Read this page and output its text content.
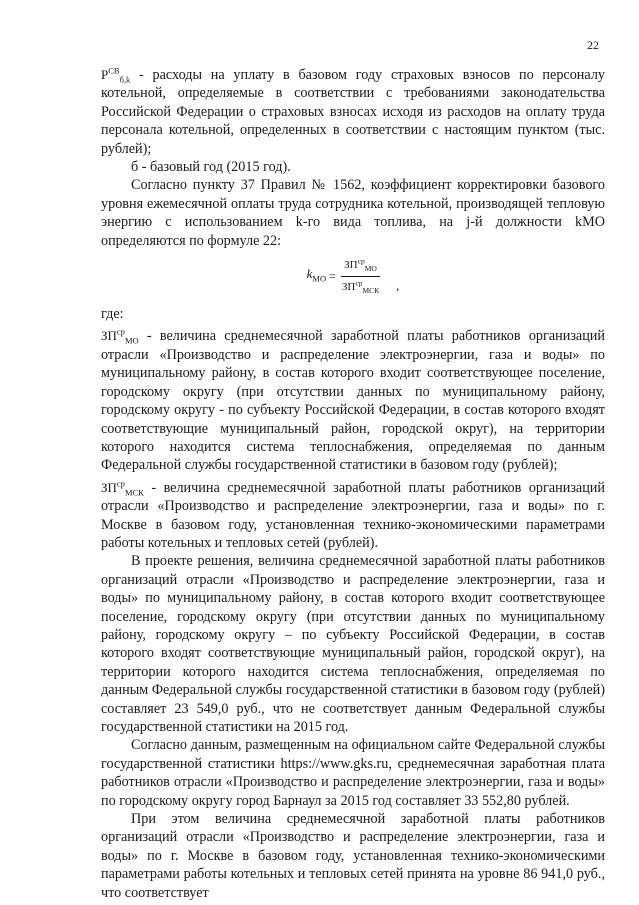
22

$P^{СВ}_{б,k}$ - расходы на уплату в базовом году страховых взносов по персоналу котельной, определяемые в соответствии с требованиями законодательства Российской Федерации о страховых взносах исходя из расходов на оплату труда персонала котельной, определенных в соответствии с настоящим пунктом (тыс. рублей);

б - базовый год (2015 год).

Согласно пункту 37 Правил № 1562, коэффициент корректировки базового уровня ежемесячной оплаты труда сотрудника котельной, производящей тепловую энергию с использованием k-го вида топлива, на j-й должности kМО определяются по формуле 22:

$k_{МО} = \frac{ЗП^{ср}_{МО}}{ЗП^{ср}_{МСК}}$ ,

где:

$ЗП^{ср}_{МО}$ - величина среднемесячной заработной платы работников организаций отрасли «Производство и распределение электроэнергии, газа и воды» по муниципальному району, в состав которого входит соответствующее поселение, городскому округу (при отсутствии данных по муниципальному району, городскому округу - по субъекту Российской Федерации, в состав которого входят соответствующие муниципальный район, городской округ), на территории которого находится система теплоснабжения, определяемая по данным Федеральной службы государственной статистики в базовом году (рублей);

$ЗП^{ср}_{МСК}$ - величина среднемесячной заработной платы работников организаций отрасли «Производство и распределение электроэнергии, газа и воды» по г. Москве в базовом году, установленная технико-экономическими параметрами работы котельных и тепловых сетей (рублей).

В проекте решения, величина среднемесячной заработной платы работников организаций отрасли «Производство и распределение электроэнергии, газа и воды» по муниципальному району, в состав которого входит соответствующее поселение, городскому округу (при отсутствии данных по муниципальному району, городскому округу – по субъекту Российской Федерации, в состав которого входят соответствующие муниципальный район, городской округ), на территории которого находится система теплоснабжения, определяемая по данным Федеральной службы государственной статистики в базовом году (рублей) составляет 23 549,0 руб., что не соответствует данным Федеральной службы государственной статистики на 2015 год.

Согласно данным, размещенным на официальном сайте Федеральной службы государственной статистики https://www.gks.ru, среднемесячная заработная плата работников отрасли «Производство и распределение электроэнергии, газа и воды» по городскому округу город Барнаул за 2015 год составляет 33 552,80 рублей.

При этом величина среднемесячной заработной платы работников организаций отрасли «Производство и распределение электроэнергии, газа и воды» по г. Москве в базовом году, установленная технико-экономическими параметрами работы котельных и тепловых сетей принята на уровне 86 941,0 руб., что соответствует
